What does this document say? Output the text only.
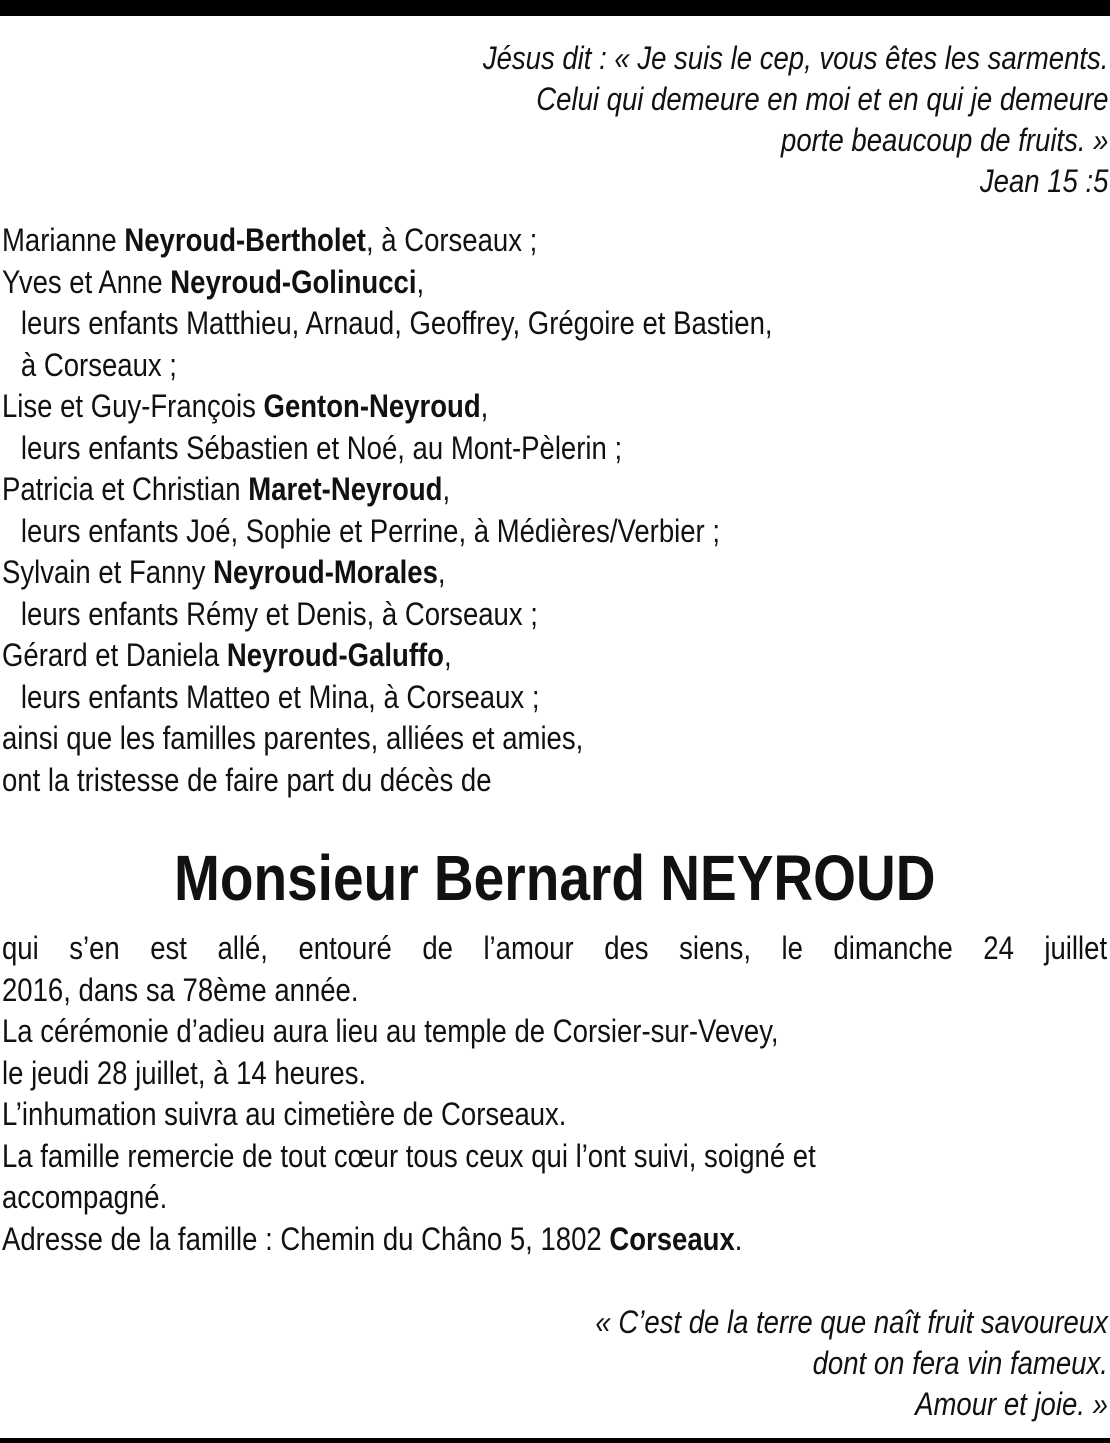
Jésus dit : « Je suis le cep, vous êtes les sarments.
Celui qui demeure en moi et en qui je demeure
porte beaucoup de fruits. »
Jean 15 :5
Marianne Neyroud-Bertholet, à Corseaux ;
Yves et Anne Neyroud-Golinucci,
leurs enfants Matthieu, Arnaud, Geoffrey, Grégoire et Bastien,
à Corseaux ;
Lise et Guy-François Genton-Neyroud,
leurs enfants Sébastien et Noé, au Mont-Pèlerin ;
Patricia et Christian Maret-Neyroud,
leurs enfants Joé, Sophie et Perrine, à Médières/Verbier ;
Sylvain et Fanny Neyroud-Morales,
leurs enfants Rémy et Denis, à Corseaux ;
Gérard et Daniela Neyroud-Galuffo,
leurs enfants Matteo et Mina, à Corseaux ;
ainsi que les familles parentes, alliées et amies,
ont la tristesse de faire part du décès de
Monsieur Bernard NEYROUD
qui s’en est allé, entouré de l’amour des siens, le dimanche 24 juillet
2016, dans sa 78ème année.
La cérémonie d’adieu aura lieu au temple de Corsier-sur-Vevey,
le jeudi 28 juillet, à 14 heures.
L’inhumation suivra au cimetière de Corseaux.
La famille remercie de tout cœur tous ceux qui l’ont suivi, soigné et
accompagné.
Adresse de la famille : Chemin du Châno 5, 1802 Corseaux.
« C’est de la terre que naît fruit savoureux
dont on fera vin fameux.
Amour et joie. »
